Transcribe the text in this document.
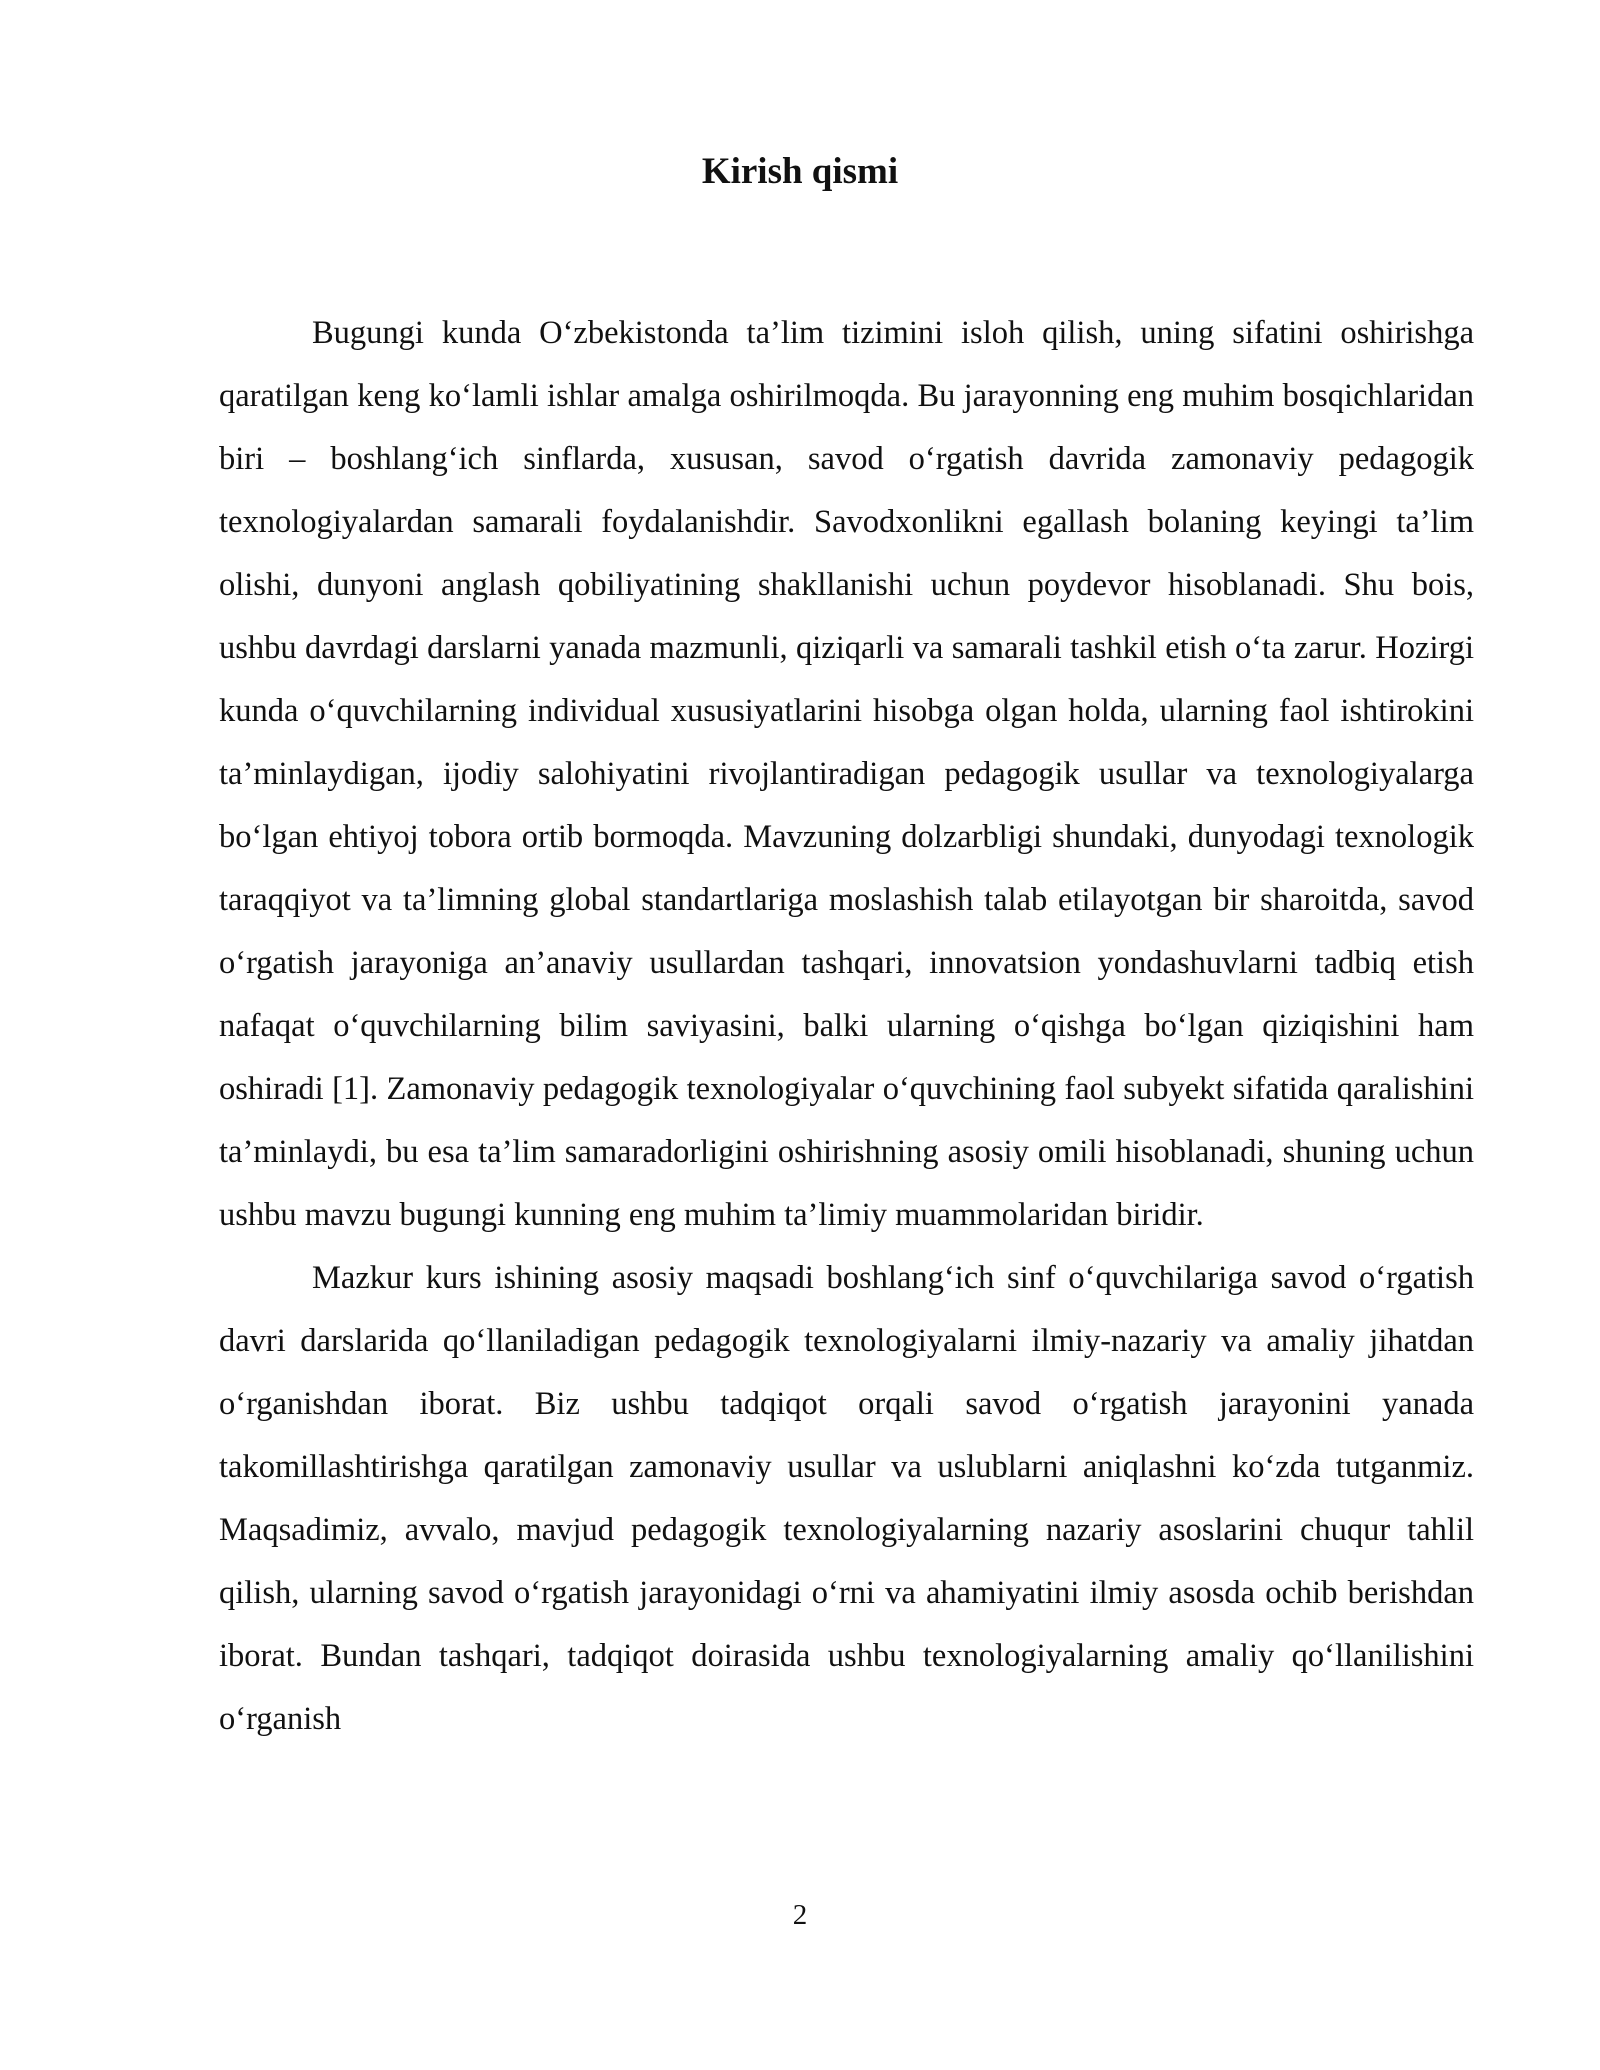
Kirish qismi

Bugungi kunda O‘zbekistonda ta’lim tizimini isloh qilish, uning sifatini oshirishga qaratilgan keng ko‘lamli ishlar amalga oshirilmoqda. Bu jarayonning eng muhim bosqichlaridan biri – boshlang‘ich sinflarda, xususan, savod o‘rgatish davrida zamonaviy pedagogik texnologiyalardan samarali foydalanishdir. Savodxonlikni egallash bolaning keyingi ta’lim olishi, dunyoni anglash qobiliyatining shakllanishi uchun poydevor hisoblanadi. Shu bois, ushbu davrdagi darslarni yanada mazmunli, qiziqarli va samarali tashkil etish o‘ta zarur. Hozirgi kunda o‘quvchilarning individual xususiyatlarini hisobga olgan holda, ularning faol ishtirokini ta’minlaydigan, ijodiy salohiyatini rivojlantiradigan pedagogik usullar va texnologiyalarga bo‘lgan ehtiyoj tobora ortib bormoqda. Mavzuning dolzarbligi shundaki, dunyodagi texnologik taraqqiyot va ta’limning global standartlariga moslashish talab etilayotgan bir sharoitda, savod o‘rgatish jarayoniga an’anaviy usullardan tashqari, innovatsion yondashuvlarni tadbiq etish nafaqat o‘quvchilarning bilim saviyasini, balki ularning o‘qishga bo‘lgan qiziqishini ham oshiradi [1]. Zamonaviy pedagogik texnologiyalar o‘quvchining faol subyekt sifatida qaralishini ta’minlaydi, bu esa ta’lim samaradorligini oshirishning asosiy omili hisoblanadi, shuning uchun ushbu mavzu bugungi kunning eng muhim ta’limiy muammolaridan biridir.

Mazkur kurs ishining asosiy maqsadi boshlang‘ich sinf o‘quvchilariga savod o‘rgatish davri darslarida qo‘llaniladigan pedagogik texnologiyalarni ilmiy-nazariy va amaliy jihatdan o‘rganishdan iborat. Biz ushbu tadqiqot orqali savod o‘rgatish jarayonini yanada takomillashtirishga qaratilgan zamonaviy usullar va uslublarni aniqlashni ko‘zda tutganmiz. Maqsadimiz, avvalo, mavjud pedagogik texnologiyalarning nazariy asoslarini chuqur tahlil qilish, ularning savod o‘rgatish jarayonidagi o‘rni va ahamiyatini ilmiy asosda ochib berishdan iborat. Bundan tashqari, tadqiqot doirasida ushbu texnologiyalarning amaliy qo‘llanilishini o‘rganish

2
